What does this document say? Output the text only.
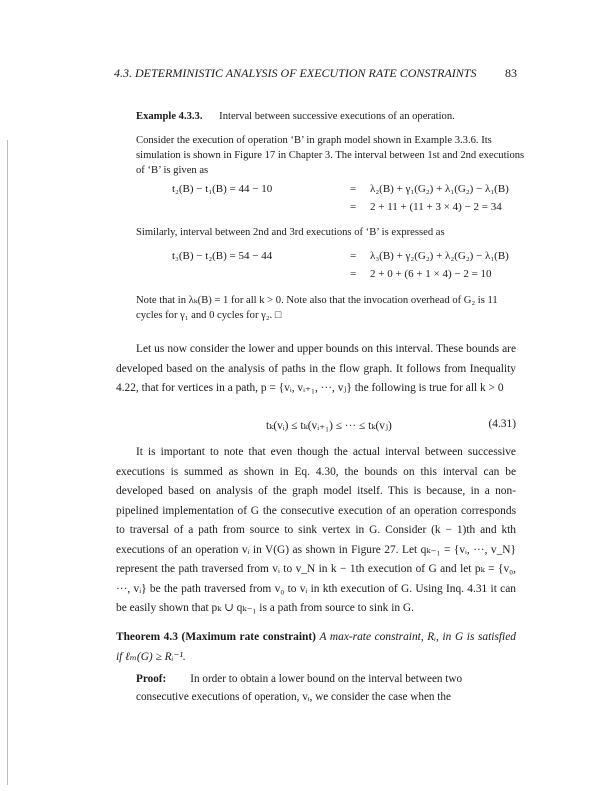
4.3. DETERMINISTIC ANALYSIS OF EXECUTION RATE CONSTRAINTS	83
Example 4.3.3. Interval between successive executions of an operation.
Consider the execution of operation ‘B’ in graph model shown in Example 3.3.6. Its simulation is shown in Figure 17 in Chapter 3. The interval between 1st and 2nd executions of ‘B’ is given as
t₂(B) − t₁(B) = 44 − 10	= λ₂(B) + γ₁(G₂) + λ₁(G₂) − λ₁(B)
= 2 + 11 + (11 + 3 × 4) − 2 = 34
Similarly, interval between 2nd and 3rd executions of ‘B’ is expressed as
t₃(B) − t₂(B) = 54 − 44	= λ₃(B) + γ₂(G₂) + λ₂(G₂) − λ₁(B)
= 2 + 0 + (6 + 1 × 4) − 2 = 10
Note that in λₖ(B) = 1 for all k > 0. Note also that the invocation overhead of G₂ is 11 cycles for γ₁ and 0 cycles for γ₂. □
Let us now consider the lower and upper bounds on this interval. These bounds are developed based on the analysis of paths in the flow graph. It follows from Inequality 4.22, that for vertices in a path, p = {vᵢ, vᵢ₊₁, ···, vⱼ} the following is true for all k > 0
tₖ(vᵢ) ≤ tₖ(vᵢ₊₁) ≤ ··· ≤ tₖ(vⱼ)	(4.31)
It is important to note that even though the actual interval between successive executions is summed as shown in Eq. 4.30, the bounds on this interval can be developed based on analysis of the graph model itself. This is because, in a non-pipelined implementation of G the consecutive execution of an operation corresponds to traversal of a path from source to sink vertex in G. Consider (k − 1)th and kth executions of an operation vᵢ in V(G) as shown in Figure 27. Let qₖ₋₁ = {vᵢ, ···, v_N} represent the path traversed from vᵢ to v_N in k − 1th execution of G and let pₖ = {v₀, ···, vᵢ} be the path traversed from v₀ to vᵢ in kth execution of G. Using Inq. 4.31 it can be easily shown that pₖ ∪ qₖ₋₁ is a path from source to sink in G.
Theorem 4.3 (Maximum rate constraint) A max-rate constraint, Rᵢ, in G is satisfied if ℓₘ(G) ≥ Rᵢ⁻¹.
Proof: In order to obtain a lower bound on the interval between two consecutive executions of operation, vᵢ, we consider the case when the
